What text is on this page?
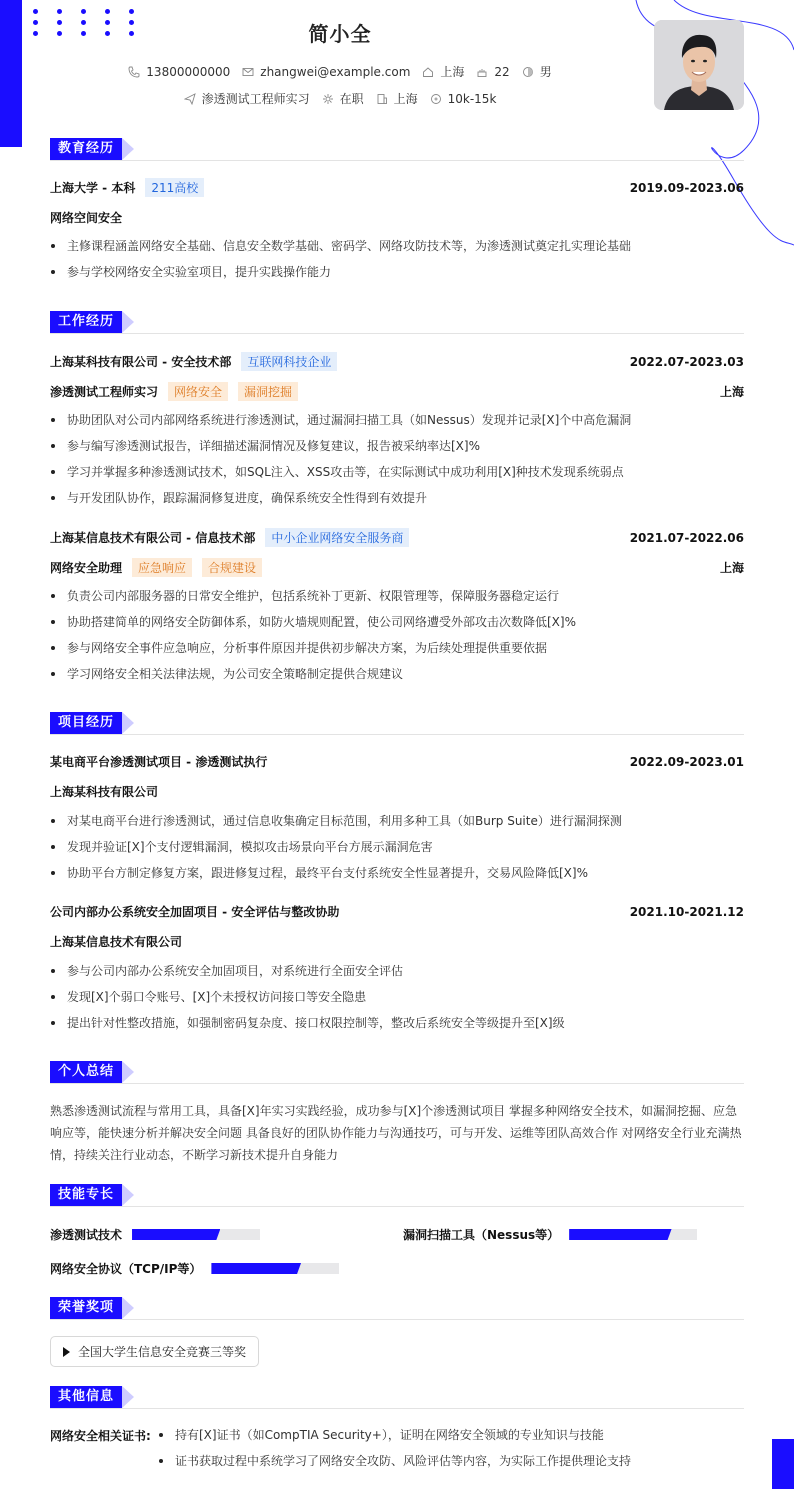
简小全
13800000000	zhangwei@example.com	上海	22	男
渗透测试工程师实习	在职	上海	10k-15k
教育经历
上海大学 - 本科 211高校	2019.09-2023.06
网络空间安全
主修课程涵盖网络安全基础、信息安全数学基础、密码学、网络攻防技术等，为渗透测试奠定扎实理论基础
参与学校网络安全实验室项目，提升实践操作能力
工作经历
上海某科技有限公司 - 安全技术部 互联网科技企业	2022.07-2023.03
渗透测试工程师实习 网络安全 漏洞挖掘	上海
协助团队对公司内部网络系统进行渗透测试，通过漏洞扫描工具（如Nessus）发现并记录[X]个中高危漏洞
参与编写渗透测试报告，详细描述漏洞情况及修复建议，报告被采纳率达[X]%
学习并掌握多种渗透测试技术，如SQL注入、XSS攻击等，在实际测试中成功利用[X]种技术发现系统弱点
与开发团队协作，跟踪漏洞修复进度，确保系统安全性得到有效提升
上海某信息技术有限公司 - 信息技术部 中小企业网络安全服务商	2021.07-2022.06
网络安全助理 应急响应 合规建设	上海
负责公司内部服务器的日常安全维护，包括系统补丁更新、权限管理等，保障服务器稳定运行
协助搭建简单的网络安全防御体系，如防火墙规则配置，使公司网络遭受外部攻击次数降低[X]%
参与网络安全事件应急响应，分析事件原因并提供初步解决方案，为后续处理提供重要依据
学习网络安全相关法律法规，为公司安全策略制定提供合规建议
项目经历
某电商平台渗透测试项目 - 渗透测试执行	2022.09-2023.01
上海某科技有限公司
对某电商平台进行渗透测试，通过信息收集确定目标范围，利用多种工具（如Burp Suite）进行漏洞探测
发现并验证[X]个支付逻辑漏洞，模拟攻击场景向平台方展示漏洞危害
协助平台方制定修复方案，跟进修复过程，最终平台支付系统安全性显著提升，交易风险降低[X]%
公司内部办公系统安全加固项目 - 安全评估与整改协助	2021.10-2021.12
上海某信息技术有限公司
参与公司内部办公系统安全加固项目，对系统进行全面安全评估
发现[X]个弱口令账号、[X]个未授权访问接口等安全隐患
提出针对性整改措施，如强制密码复杂度、接口权限控制等，整改后系统安全等级提升至[X]级
个人总结
熟悉渗透测试流程与常用工具，具备[X]年实习实践经验，成功参与[X]个渗透测试项目 掌握多种网络安全技术，如漏洞挖掘、应急响应等，能快速分析并解决安全问题 具备良好的团队协作能力与沟通技巧，可与开发、运维等团队高效合作 对网络安全行业充满热情，持续关注行业动态，不断学习新技术提升自身能力
技能专长
渗透测试技术	漏洞扫描工具（Nessus等）
网络安全协议（TCP/IP等）
荣誉奖项
全国大学生信息安全竞赛三等奖
其他信息
网络安全相关证书:	持有[X]证书（如CompTIA Security+），证明在网络安全领域的专业知识与技能
证书获取过程中系统学习了网络安全攻防、风险评估等内容，为实际工作提供理论支持
